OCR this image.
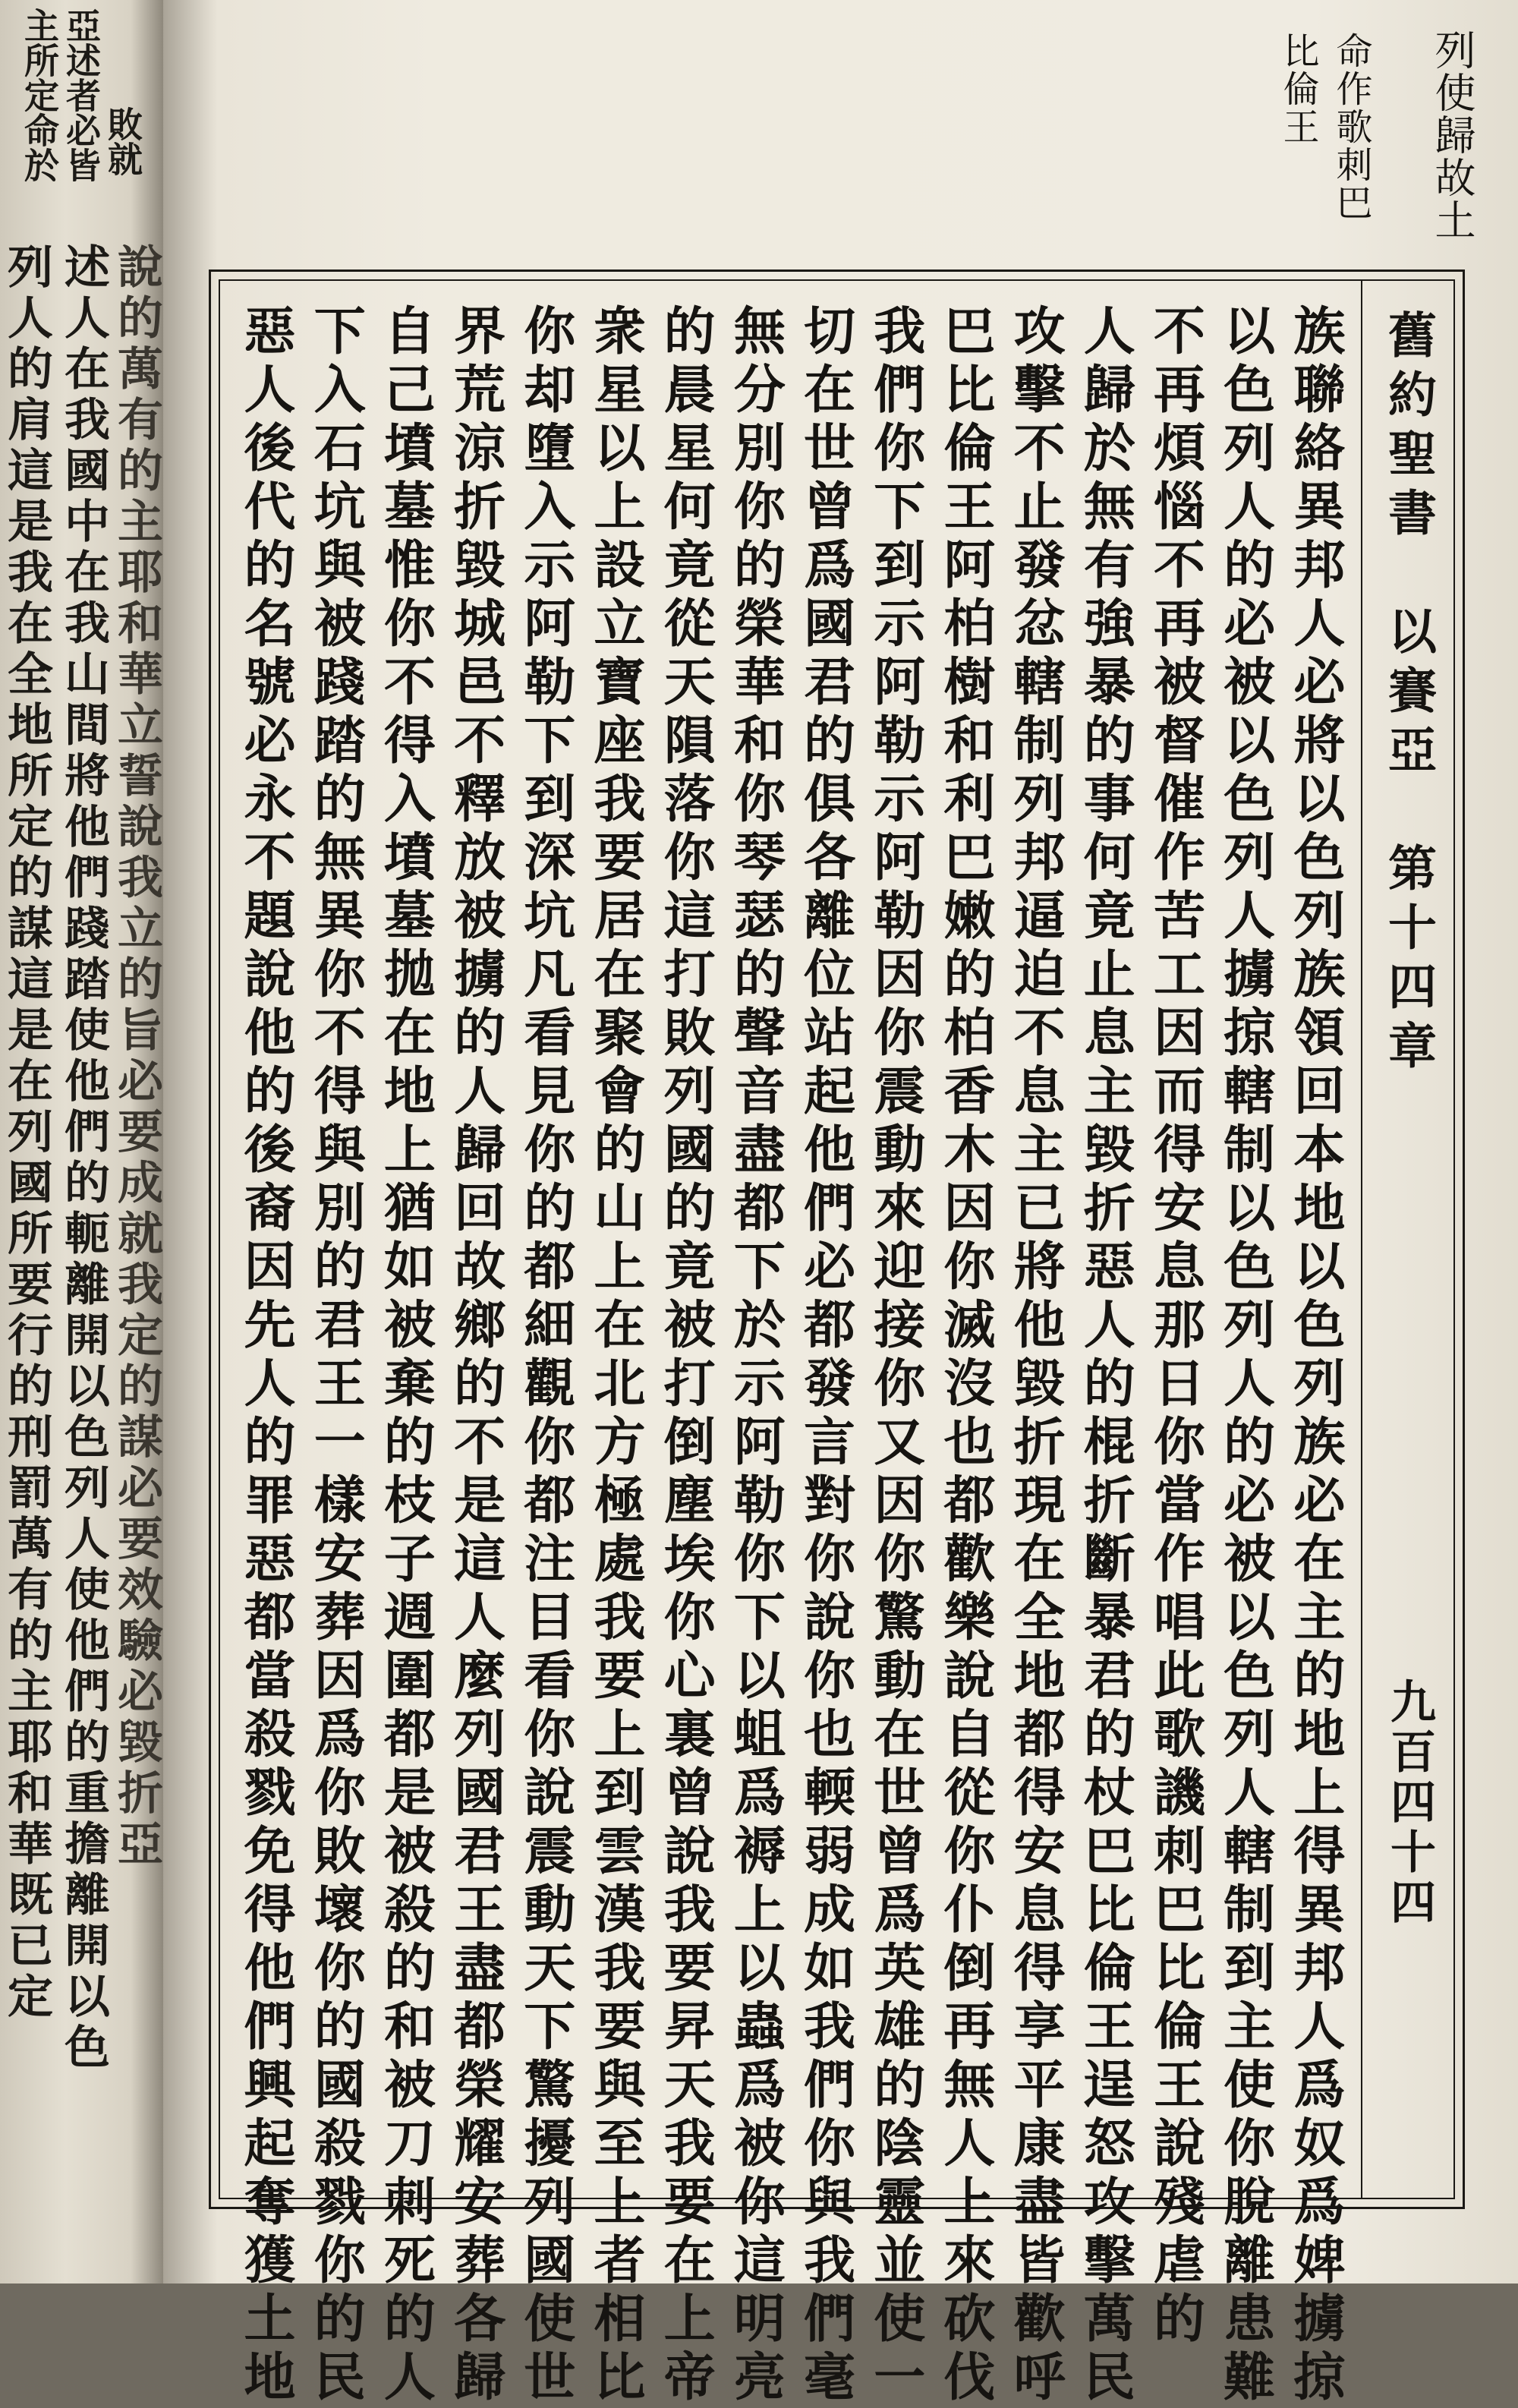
主所定命於 亞述者必皆 敗就
列人的肩這是我在全地所定的謀這是在列國所要行的刑罰萬有的主耶和華既已定 述人在我國中在我山間將他們踐踏使他們的軛離開以色列人使他們的重擔離開以色 說的萬有的主耶和華立誓說我立的旨必要成就我定的謀必要效驗必毀折亞
列使歸故土
命作歌刺巴
比倫王
舊約聖書　以賽亞　第十四章
九百四十四
族聯絡異邦人必將以色列族領回本地以色列族必在主的地上得異邦人爲奴爲婢擄掠
以色列人的必被以色列人擄掠轄制以色列人的必被以色列人轄制到主使你脫離患難
不再煩惱不再被督催作苦工因而得安息那日你當作唱此歌譏刺巴比倫王說殘虐的
人歸於無有強暴的事何竟止息主毀折惡人的棍折斷暴君的杖巴比倫王逞怒攻擊萬民
攻擊不止發忿轄制列邦逼迫不息主已將他毀折現在全地都得安息得享平康盡皆歡呼
巴比倫王阿柏樹和利巴嫩的柏香木因你滅沒也都歡樂說自從你仆倒再無人上來砍伐
我們你下到示阿勒示阿勒因你震動來迎接你又因你驚動在世曾爲英雄的陰靈並使一
切在世曾爲國君的俱各離位站起他們必都發言對你說你也輭弱成如我們你與我們毫
無分別你的榮華和你琴瑟的聲音盡都下於示阿勒你下以蛆爲褥上以蟲爲被你這明亮
的晨星何竟從天隕落你這打敗列國的竟被打倒塵埃你心裏曾說我要昇天我要在上帝
衆星以上設立寶座我要居在聚會的山上在北方極處我要上到雲漢我要與至上者相比
你却墮入示阿勒下到深坑凡看見你的都細觀你都注目看你說震動天下驚擾列國使世
界荒涼折毀城邑不釋放被擄的人歸回故鄉的不是這人麼列國君王盡都榮耀安葬各歸
自己墳墓惟你不得入墳墓拋在地上猶如被棄的枝子週圍都是被殺的和被刀刺死的人
下入石坑與被踐踏的無異你不得與別的君王一樣安葬因爲你敗壞你的國殺戮你的民
惡人後代的名號必永不題說他的後裔因先人的罪惡都當殺戮免得他們興起奪獲土地
